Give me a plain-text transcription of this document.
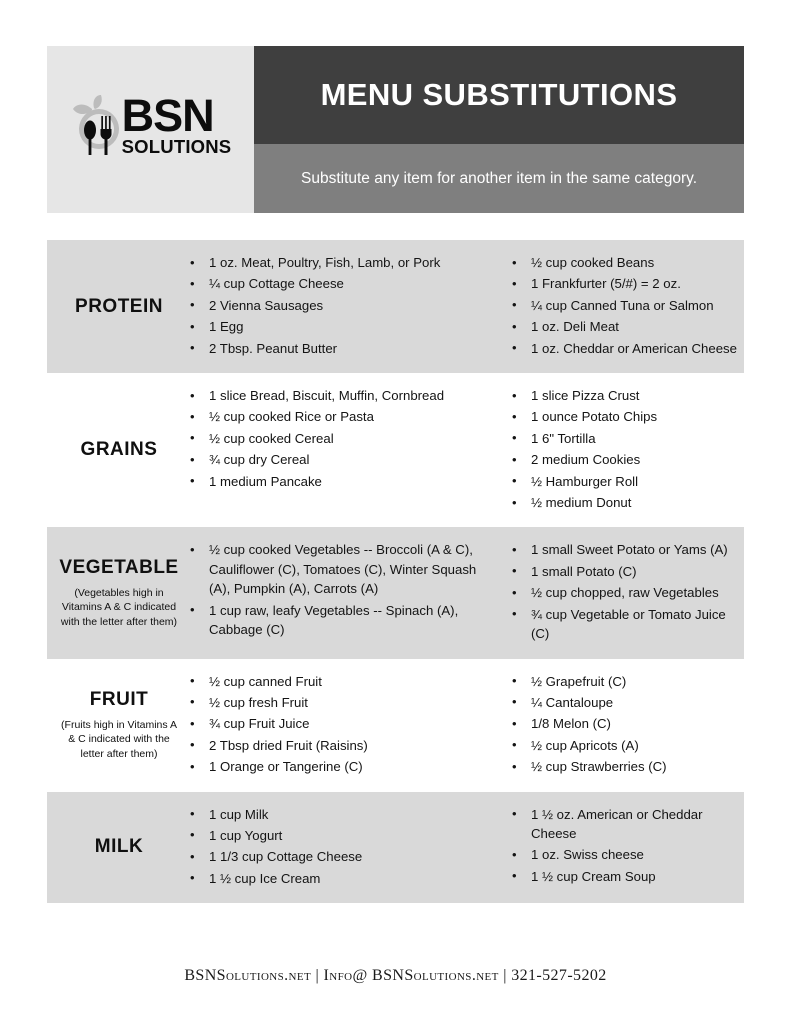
BSN
SOLUTIONS
MENU SUBSTITUTIONS

Substitute any item for another item in the same category.

PROTEIN
• 1 oz. Meat, Poultry, Fish, Lamb, or Pork
• ¼ cup Cottage Cheese
• 2 Vienna Sausages
• 1 Egg
• 2 Tbsp. Peanut Butter
• ½ cup cooked Beans
• 1 Frankfurter (5/#) = 2 oz.
• ¼ cup Canned Tuna or Salmon
• 1 oz. Deli Meat
• 1 oz. Cheddar or American Cheese
GRAINS
• 1 slice Bread, Biscuit, Muffin, Cornbread
• ½ cup cooked Rice or Pasta
• ½ cup cooked Cereal
• ¾ cup dry Cereal
• 1 medium Pancake
• 1 slice Pizza Crust
• 1 ounce Potato Chips
• 1 6" Tortilla
• 2 medium Cookies
• ½ Hamburger Roll
• ½ medium Donut
VEGETABLE
(Vegetables high in Vitamins A & C indicated with the letter after them)
• ½ cup cooked Vegetables -- Broccoli (A & C), Cauliflower (C), Tomatoes (C), Winter Squash (A), Pumpkin (A), Carrots (A)
• 1 cup raw, leafy Vegetables -- Spinach (A), Cabbage (C)
• 1 small Sweet Potato or Yams (A)
• 1 small Potato (C)
• ½ cup chopped, raw Vegetables
• ¾ cup Vegetable or Tomato Juice (C)
FRUIT
(Fruits high in Vitamins A & C indicated with the letter after them)
• ½ cup canned Fruit
• ½ cup fresh Fruit
• ¾ cup Fruit Juice
• 2 Tbsp dried Fruit (Raisins)
• 1 Orange or Tangerine (C)
• ½ Grapefruit (C)
• ¼ Cantaloupe
• 1/8 Melon (C)
• ½ cup Apricots (A)
• ½ cup Strawberries (C)
MILK
• 1 cup Milk
• 1 cup Yogurt
• 1 1/3 cup Cottage Cheese
• 1 ½ cup Ice Cream
• 1 ½ oz. American or Cheddar Cheese
• 1 oz. Swiss cheese
• 1 ½ cup Cream Soup
BSNSolutions.net | Info@ BSNSolutions.net | 321-527-5202
